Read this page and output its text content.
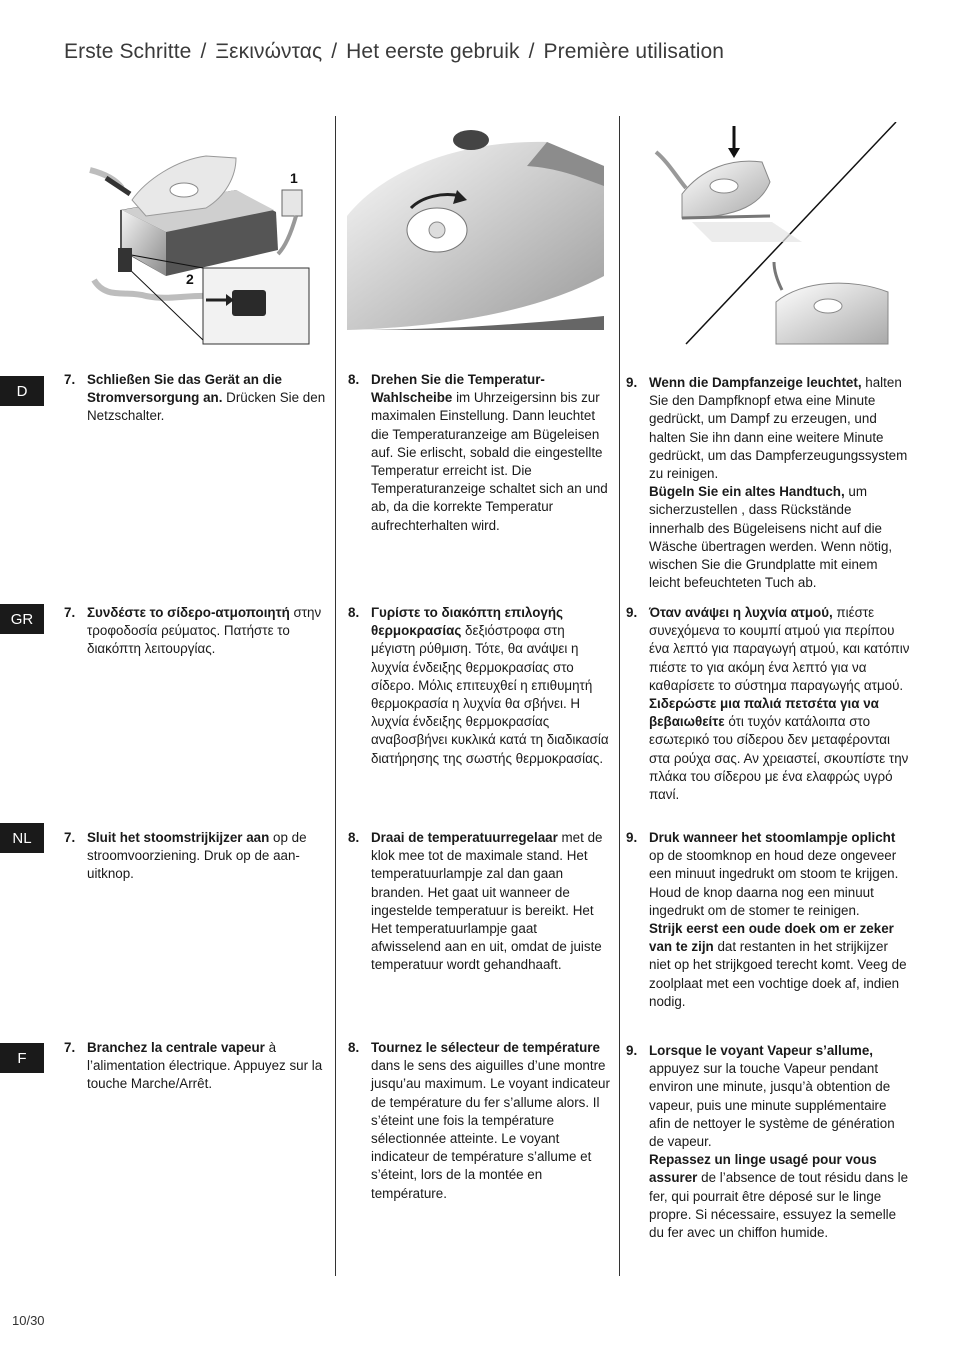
Erste Schritte / Ξεκινώντας / Het eerste gebruik / Première utilisation
1
2
D
GR
NL
F
7. Schließen Sie das Gerät an die Stromversorgung an. Drücken Sie den Netzschalter.
8. Drehen Sie die Temperatur-Wahlscheibe im Uhrzeigersinn bis zur maximalen Einstellung. Dann leuchtet die Temperaturanzeige am Bügeleisen auf. Sie erlischt, sobald die eingestellte Temperatur erreicht ist. Die Temperaturanzeige schaltet sich an und ab, da die korrekte Temperatur aufrechterhalten wird.
9. Wenn die Dampfanzeige leuchtet, halten Sie den Dampfknopf etwa eine Minute gedrückt, um Dampf zu erzeugen, und halten Sie ihn dann eine weitere Minute gedrückt, um das Dampferzeugungssystem zu reinigen.
Bügeln Sie ein altes Handtuch, um sicherzustellen , dass Rückstände innerhalb des Bügeleisens nicht auf die Wäsche übertragen werden. Wenn nötig, wischen Sie die Grundplatte mit einem leicht befeuchteten Tuch ab.
7. Συνδέστε το σίδερο-ατμοποιητή στην τροφοδοσία ρεύματος. Πατήστε το διακόπτη λειτουργίας.
8. Γυρίστε το διακόπτη επιλογής θερμοκρασίας δεξιόστροφα στη μέγιστη ρύθμιση. Τότε, θα ανάψει η λυχνία ένδειξης θερμοκρασίας στο σίδερο. Μόλις επιτευχθεί η επιθυμητή θερμοκρασία η λυχνία θα σβήνει. Η λυχνία ένδειξης θερμοκρασίας αναβοσβήνει κυκλικά κατά τη διαδικασία διατήρησης της σωστής θερμοκρασίας.
9. Όταν ανάψει η λυχνία ατμού, πιέστε συνεχόμενα το κουμπί ατμού για περίπου ένα λεπτό για παραγωγή ατμού, και κατόπιν πιέστε το για ακόμη ένα λεπτό για να καθαρίσετε το σύστημα παραγωγής ατμού.
Σιδερώστε μια παλιά πετσέτα για να βεβαιωθείτε ότι τυχόν κατάλοιπα στο εσωτερικό του σίδερου δεν μεταφέρονται στα ρούχα σας. Αν χρειαστεί, σκουπίστε την πλάκα του σίδερου με ένα ελαφρώς υγρό πανί.
7. Sluit het stoomstrijkijzer aan op de stroomvoorziening. Druk op de aan-uitknop.
8. Draai de temperatuurregelaar met de klok mee tot de maximale stand. Het temperatuurlampje zal dan gaan branden. Het gaat uit wanneer de ingestelde temperatuur is bereikt. Het Het temperatuurlampje gaat afwisselend aan en uit, omdat de juiste temperatuur wordt gehandhaaft.
9. Druk wanneer het stoomlampje oplicht op de stoomknop en houd deze ongeveer een minuut ingedrukt om stoom te krijgen. Houd de knop daarna nog een minuut ingedrukt om de stomer te reinigen.
Strijk eerst een oude doek om er zeker van te zijn dat restanten in het strijkijzer niet op het strijkgoed terecht komt. Veeg de zoolplaat met een vochtige doek af, indien nodig.
7. Branchez la centrale vapeur à l’alimentation électrique. Appuyez sur la touche Marche/Arrêt.
8. Tournez le sélecteur de température dans le sens des aiguilles d’une montre jusqu’au maximum. Le voyant indicateur de température du fer s’allume alors. Il s’éteint une fois la température sélectionnée atteinte. Le voyant indicateur de température s’allume et s’éteint, lors de la montée en température.
9. Lorsque le voyant Vapeur s’allume, appuyez sur la touche Vapeur pendant environ une minute, jusqu’à obtention de vapeur, puis une minute supplémentaire afin de nettoyer le système de génération de vapeur.
Repassez un linge usagé pour vous assurer de l’absence de tout résidu dans le fer, qui pourrait être déposé sur le linge propre. Si nécessaire, essuyez la semelle du fer avec un chiffon humide.
10/30
